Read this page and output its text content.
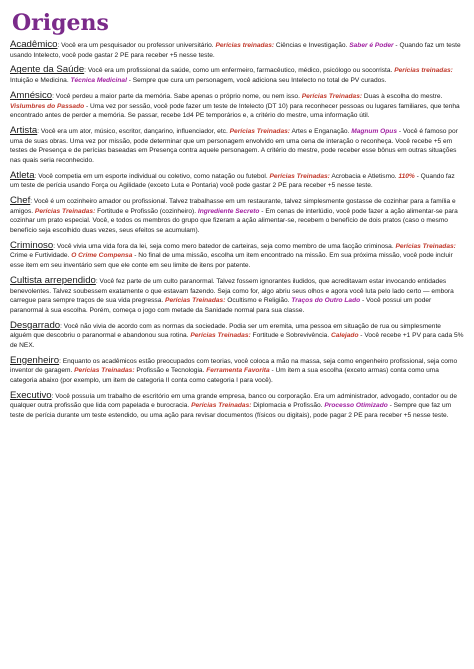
Origens

Acadêmico: Você era um pesquisador ou professor universitário. Perícias treinadas: Ciências e Investigação. Saber é Poder - Quando faz um teste usando Intelecto, você pode gastar 2 PE para receber +5 nesse teste.

Agente da Saúde: Você era um profissional da saúde, como um enfermeiro, farmacêutico, médico, psicólogo ou socorrista. Perícias treinadas: Intuição e Medicina. Técnica Medicinal - Sempre que cura um personagem, você adiciona seu Intelecto no total de PV curados.

Amnésico: Você perdeu a maior parte da memória. Sabe apenas o próprio nome, ou nem isso. Perícias Treinadas: Duas à escolha do mestre. Vislumbres do Passado - Uma vez por sessão, você pode fazer um teste de Intelecto (DT 10) para reconhecer pessoas ou lugares familiares, que tenha encontrado antes de perder a memória. Se passar, recebe 1d4 PE temporários e, a critério do mestre, uma informação útil.

Artista: Você era um ator, músico, escritor, dançarino, influenciador, etc. Perícias Treinadas: Artes e Enganação. Magnum Opus - Você é famoso por uma de suas obras. Uma vez por missão, pode determinar que um personagem envolvido em uma cena de interação o reconheça. Você recebe +5 em testes de Presença e de perícias baseadas em Presença contra aquele personagem. A critério do mestre, pode receber esse bônus em outras situações nas quais seria reconhecido.

Atleta: Você competia em um esporte individual ou coletivo, como natação ou futebol. Perícias Treinadas: Acrobacia e Atletismo. 110% - Quando faz um teste de perícia usando Força ou Agilidade (exceto Luta e Pontaria) você pode gastar 2 PE para receber +5 nesse teste.

Chef: Você é um cozinheiro amador ou profissional. Talvez trabalhasse em um restaurante, talvez simplesmente gostasse de cozinhar para a família e amigos. Perícias Treinadas: Fortitude e Profissão (cozinheiro). Ingrediente Secreto - Em cenas de interlúdio, você pode fazer a ação alimentar-se para cozinhar um prato especial. Você, e todos os membros do grupo que fizeram a ação alimentar-se, recebem o benefício de dois pratos (caso o mesmo benefício seja escolhido duas vezes, seus efeitos se acumulam).

Criminoso: Você vivia uma vida fora da lei, seja como mero batedor de carteiras, seja como membro de uma facção criminosa. Perícias Treinadas: Crime e Furtividade. O Crime Compensa - No final de uma missão, escolha um item encontrado na missão. Em sua próxima missão, você pode incluir esse item em seu inventário sem que ele conte em seu limite de itens por patente.

Cultista arrependido: Você fez parte de um culto paranormal. Talvez fossem ignorantes iludidos, que acreditavam estar invocando entidades benevolentes. Talvez soubessem exatamente o que estavam fazendo. Seja como for, algo abriu seus olhos e agora você luta pelo lado certo — embora carregue para sempre traços de sua vida pregressa. Perícias Treinadas: Ocultismo e Religião. Traços do Outro Lado - Você possui um poder paranormal à sua escolha. Porém, começa o jogo com metade da Sanidade normal para sua classe.

Desgarrado: Você não vivia de acordo com as normas da sociedade. Podia ser um eremita, uma pessoa em situação de rua ou simplesmente alguém que descobriu o paranormal e abandonou sua rotina. Perícias Treinadas: Fortitude e Sobrevivência. Calejado - Você recebe +1 PV para cada 5% de NEX.

Engenheiro: Enquanto os acadêmicos estão preocupados com teorias, você coloca a mão na massa, seja como engenheiro profissional, seja como inventor de garagem. Perícias Treinadas: Profissão e Tecnologia. Ferramenta Favorita - Um item a sua escolha (exceto armas) conta como uma categoria abaixo (por exemplo, um item de categoria II conta como categoria I para você).

Executivo: Você possuía um trabalho de escritório em uma grande empresa, banco ou corporação. Era um administrador, advogado, contador ou de qualquer outra profissão que lida com papelada e burocracia. Perícias Treinadas: Diplomacia e Profissão. Processo Otimizado - Sempre que faz um teste de perícia durante um teste estendido, ou uma ação para revisar documentos (físicos ou digitais), pode pagar 2 PE para receber +5 nesse teste.
